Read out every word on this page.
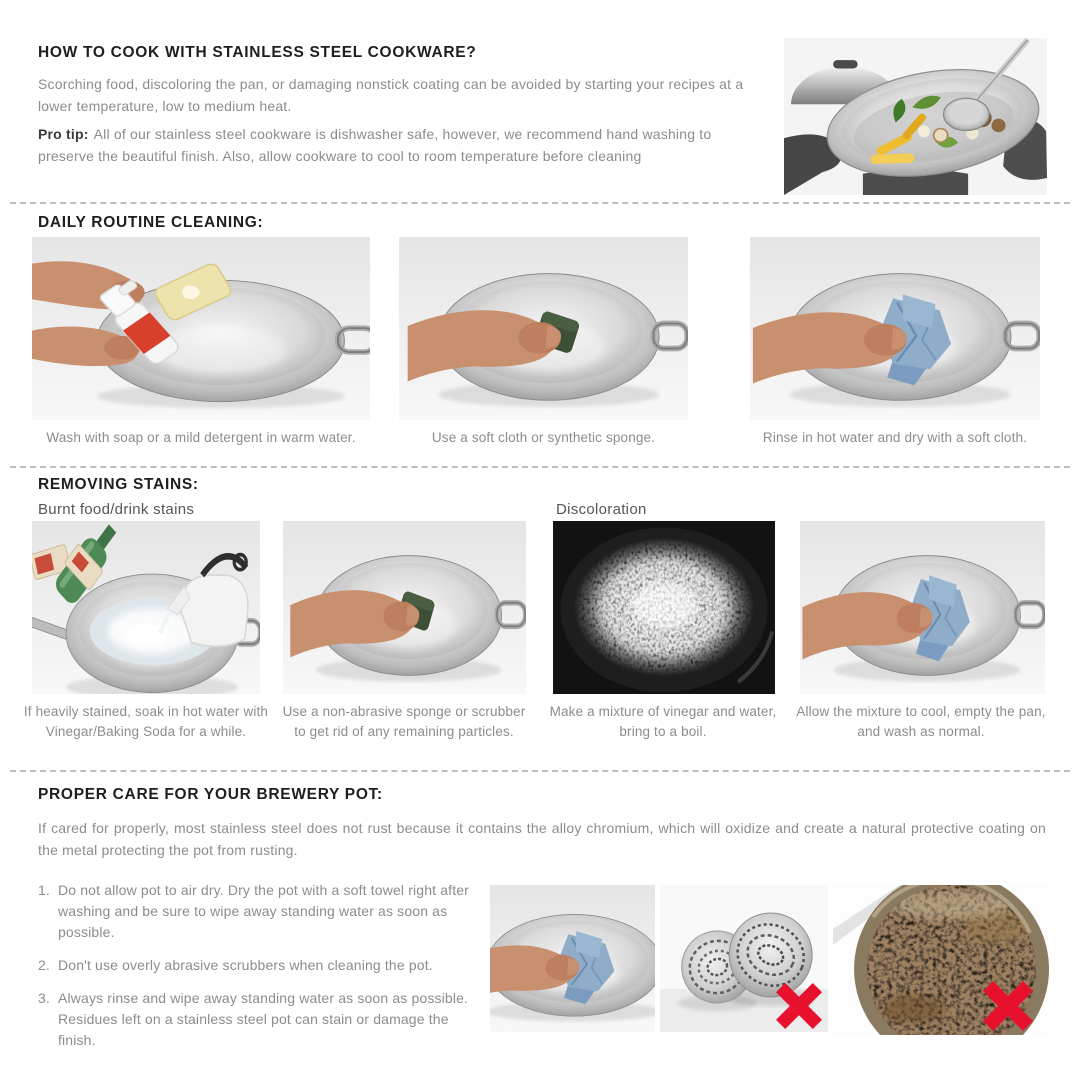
HOW TO COOK WITH STAINLESS STEEL COOKWARE?

Scorching food, discoloring the pan, or damaging nonstick coating can be avoided by starting your recipes at a lower temperature, low to medium heat.

Pro tip: All of our stainless steel cookware is dishwasher safe, however, we recommend hand washing to preserve the beautiful finish. Also, allow cookware to cool to room temperature before cleaning

DAILY ROUTINE CLEANING:

Wash with soap or a mild detergent in warm water.	Use a soft cloth or synthetic sponge.	Rinse in hot water and dry with a soft cloth.

REMOVING STAINS:

Burnt food/drink stains	Discoloration

If heavily stained, soak in hot water with Vinegar/Baking Soda for a while.

Use a non-abrasive sponge or scrubber to get rid of any remaining particles.

Make a mixture of vinegar and water, bring to a boil.

Allow the mixture to cool, empty the pan, and wash as normal.

PROPER CARE FOR YOUR BREWERY POT:

If cared for properly, most stainless steel does not rust because it contains the alloy chromium, which will oxidize and create a natural protective coating on the metal protecting the pot from rusting.

1. Do not allow pot to air dry. Dry the pot with a soft towel right after washing and be sure to wipe away standing water as soon as possible.
2. Don't use overly abrasive scrubbers when cleaning the pot.
3. Always rinse and wipe away standing water as soon as possible. Residues left on a stainless steel pot can stain or damage the finish.
